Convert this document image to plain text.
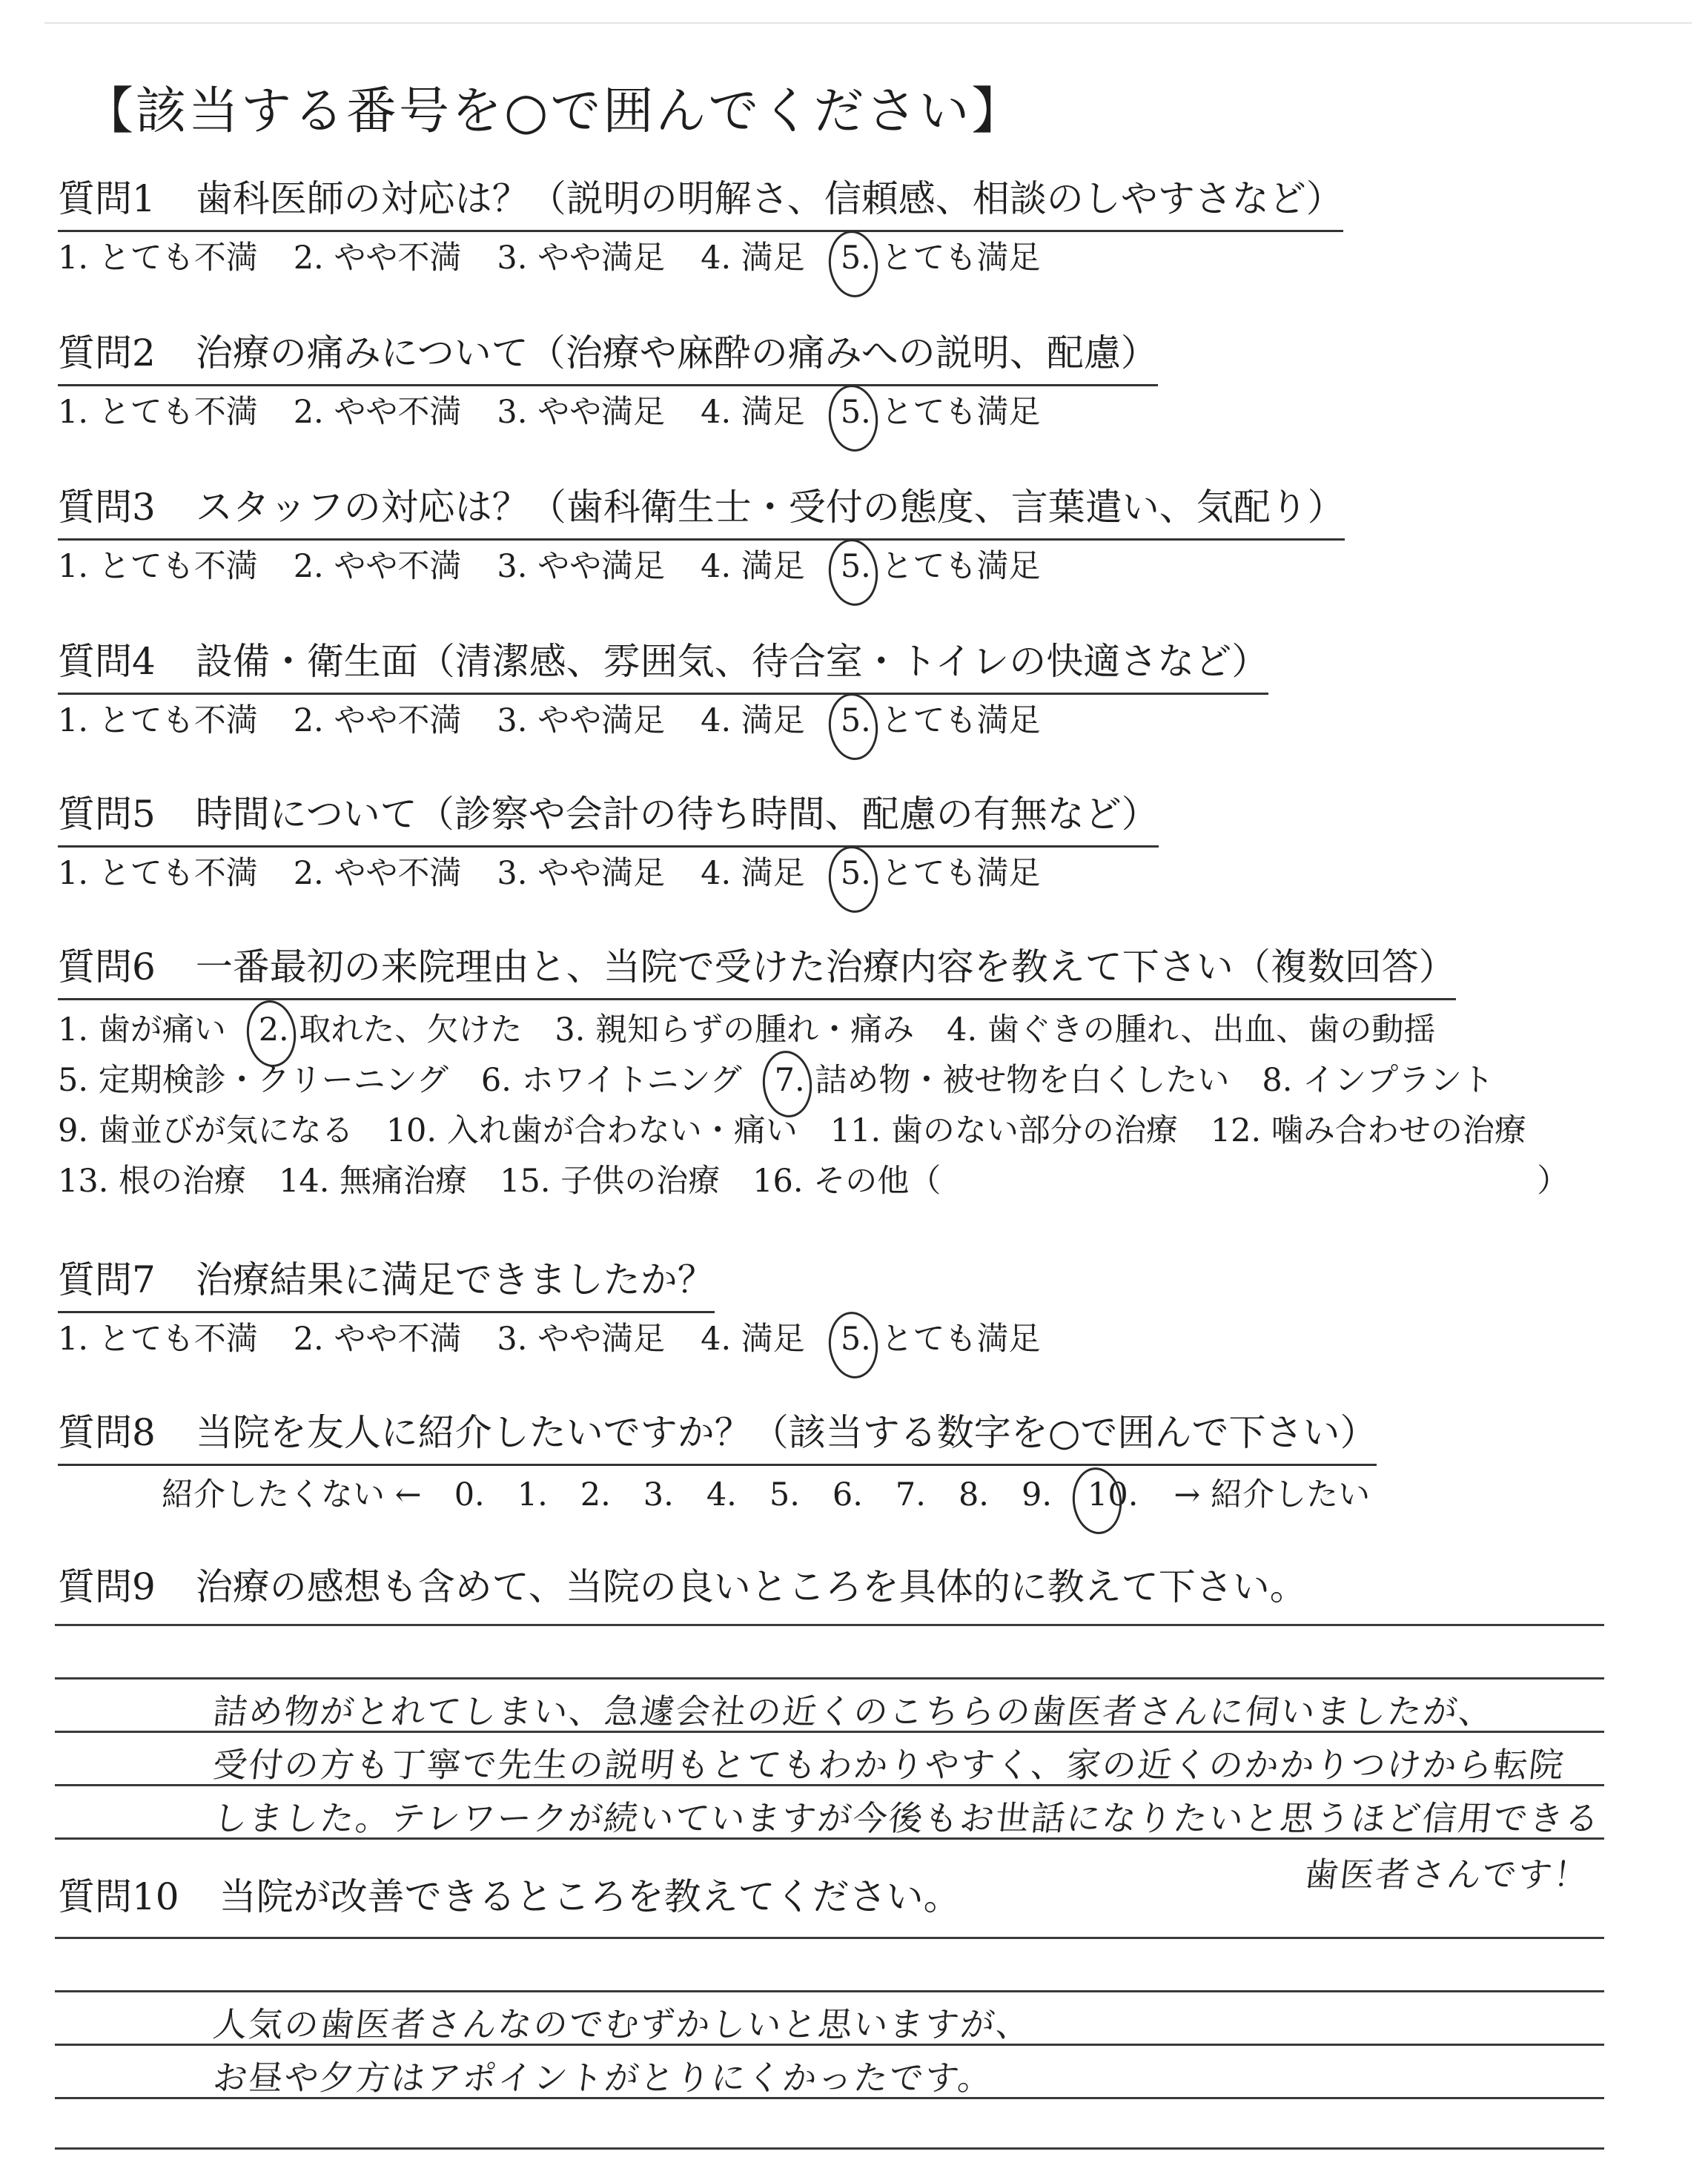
【該当する番号を○で囲んでください】
質問1 歯科医師の対応は？（説明の明解さ、信頼感、相談のしやすさなど）
1. とても不満 2. やや不満 3. やや満足 4. 満足 5. とても満足
質問2 治療の痛みについて（治療や麻酔の痛みへの説明、配慮）
1. とても不満 2. やや不満 3. やや満足 4. 満足 5. とても満足
質問3 スタッフの対応は？（歯科衛生士・受付の態度、言葉遣い、気配り）
1. とても不満 2. やや不満 3. やや満足 4. 満足 5. とても満足
質問4 設備・衛生面（清潔感、雰囲気、待合室・トイレの快適さなど）
1. とても不満 2. やや不満 3. やや満足 4. 満足 5. とても満足
質問5 時間について（診察や会計の待ち時間、配慮の有無など）
1. とても不満 2. やや不満 3. やや満足 4. 満足 5. とても満足
質問6 一番最初の来院理由と、当院で受けた治療内容を教えて下さい（複数回答）
1. 歯が痛い 2. 取れた、欠けた 3. 親知らずの腫れ・痛み 4. 歯ぐきの腫れ、出血、歯の動揺
5. 定期検診・クリーニング 6. ホワイトニング 7. 詰め物・被せ物を白くしたい 8. インプラント
9. 歯並びが気になる 10. 入れ歯が合わない・痛い 11. 歯のない部分の治療 12. 噛み合わせの治療
13. 根の治療 14. 無痛治療 15. 子供の治療 16. その他（	）
質問7 治療結果に満足できましたか？
1. とても不満 2. やや不満 3. やや満足 4. 満足 5. とても満足
質問8 当院を友人に紹介したいですか？（該当する数字を○で囲んで下さい）
紹介したくない ← 0. 1. 2. 3. 4. 5. 6. 7. 8. 9. 10. → 紹介したい
質問9 治療の感想も含めて、当院の良いところを具体的に教えて下さい。
詰め物がとれてしまい、急遽会社の近くのこちらの歯医者さんに伺いましたが、
受付の方も丁寧で先生の説明もとてもわかりやすく、家の近くのかかりつけから転院
しました。テレワークが続いていますが今後もお世話になりたいと思うほど信用できる
歯医者さんです！
質問10 当院が改善できるところを教えてください。
人気の歯医者さんなのでむずかしいと思いますが、
お昼や夕方はアポイントがとりにくかったです。
